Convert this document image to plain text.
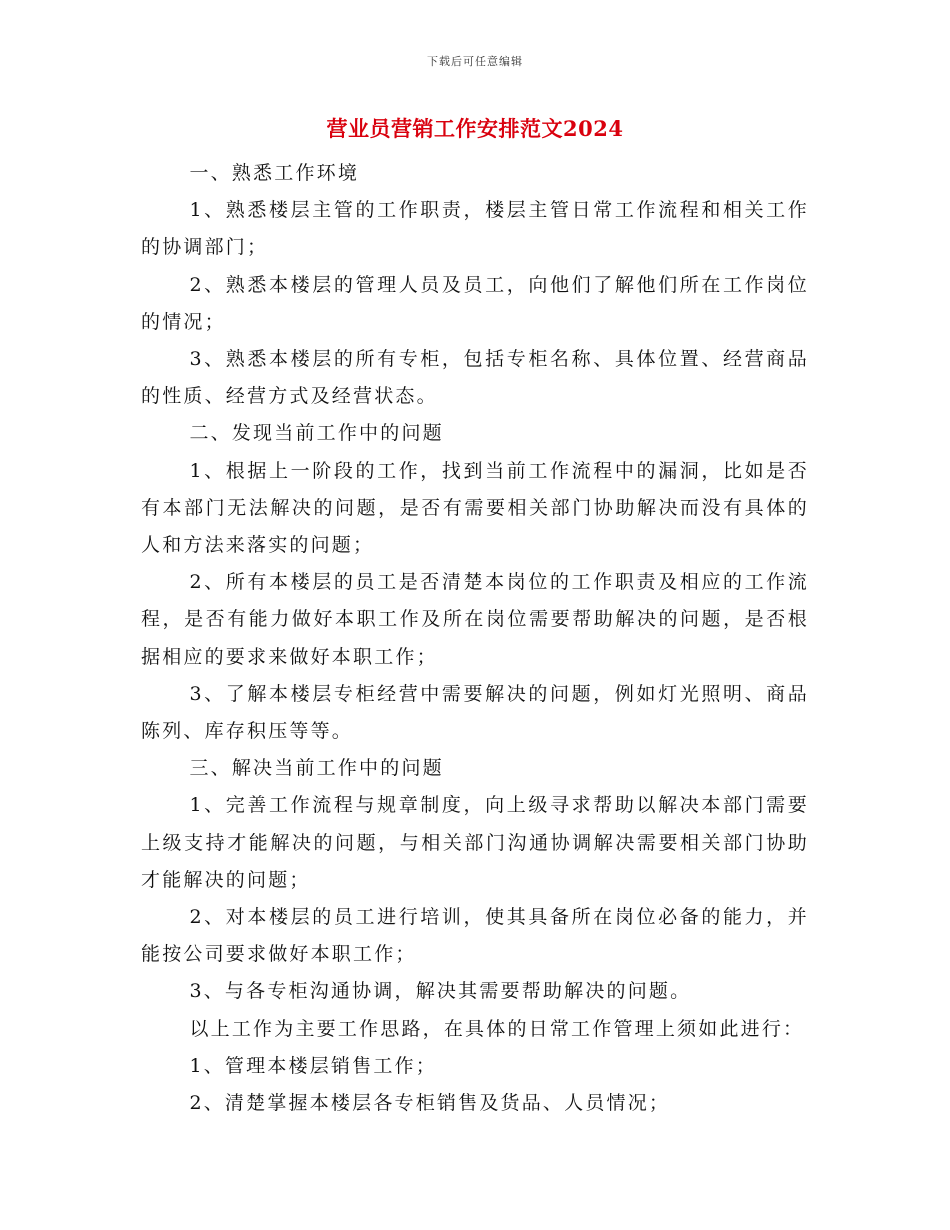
下载后可任意编辑
营业员营销工作安排范文2024

一、熟悉工作环境

1、熟悉楼层主管的工作职责，楼层主管日常工作流程和相关工作的协调部门；

2、熟悉本楼层的管理人员及员工，向他们了解他们所在工作岗位的情况；

3、熟悉本楼层的所有专柜，包括专柜名称、具体位置、经营商品的性质、经营方式及经营状态。

二、发现当前工作中的问题

1、根据上一阶段的工作，找到当前工作流程中的漏洞，比如是否有本部门无法解决的问题，是否有需要相关部门协助解决而没有具体的人和方法来落实的问题；

2、所有本楼层的员工是否清楚本岗位的工作职责及相应的工作流程，是否有能力做好本职工作及所在岗位需要帮助解决的问题，是否根据相应的要求来做好本职工作；

3、了解本楼层专柜经营中需要解决的问题，例如灯光照明、商品陈列、库存积压等等。

三、解决当前工作中的问题

1、完善工作流程与规章制度，向上级寻求帮助以解决本部门需要上级支持才能解决的问题，与相关部门沟通协调解决需要相关部门协助才能解决的问题；

2、对本楼层的员工进行培训，使其具备所在岗位必备的能力，并能按公司要求做好本职工作；

3、与各专柜沟通协调，解决其需要帮助解决的问题。

以上工作为主要工作思路，在具体的日常工作管理上须如此进行：

1、管理本楼层销售工作；

2、清楚掌握本楼层各专柜销售及货品、人员情况；
